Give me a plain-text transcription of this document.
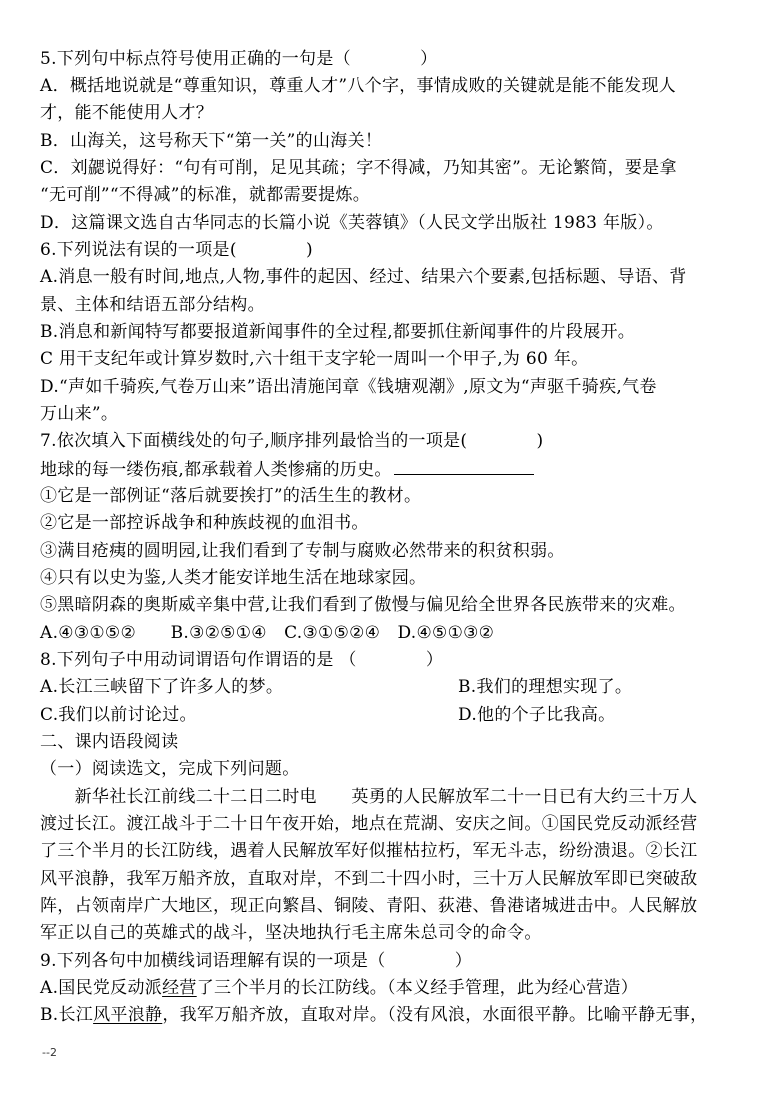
5.下列句中标点符号使用正确的一句是（　　　　）
A．概括地说就是“尊重知识，尊重人才”八个字，事情成败的关键就是能不能发现人
才，能不能使用人才？
B．山海关，这号称天下“第一关”的山海关！
C．刘勰说得好：“句有可削，足见其疏；字不得减，乃知其密”。无论繁简，要是拿
“无可削”“不得减”的标准，就都需要提炼。
D．这篇课文选自古华同志的长篇小说《芙蓉镇》（人民文学出版社 1983 年版）。
6.下列说法有误的一项是(　　　　)
A.消息一般有时间,地点,人物,事件的起因、经过、结果六个要素,包括标题、导语、背
景、主体和结语五部分结构。
B.消息和新闻特写都要报道新闻事件的全过程,都要抓住新闻事件的片段展开。
C 用干支纪年或计算岁数时,六十组干支字轮一周叫一个甲子,为 60 年。
D.“声如千骑疾,气卷万山来”语出清施闰章《钱塘观潮》,原文为“声驱千骑疾,气卷
万山来”。
7.依次填入下面横线处的句子,顺序排列最恰当的一项是(　　　　)
地球的每一缕伤痕,都承载着人类惨痛的历史。
①它是一部例证“落后就要挨打”的活生生的教材。
②它是一部控诉战争和种族歧视的血泪书。
③满目疮痍的圆明园,让我们看到了专制与腐败必然带来的积贫积弱。
④只有以史为鉴,人类才能安详地生活在地球家园。
⑤黑暗阴森的奥斯威辛集中营,让我们看到了傲慢与偏见给全世界各民族带来的灾难。
A.④③①⑤②　　B.③②⑤①④　C.③①⑤②④　D.④⑤①③②
8.下列句子中用动词谓语句作谓语的是 （　　　　）
A.长江三峡留下了许多人的梦。	B.我们的理想实现了。
C.我们以前讨论过。	D.他的个子比我高。
二、课内语段阅读
（一）阅读选文，完成下列问题。
　　新华社长江前线二十二日二时电　　英勇的人民解放军二十一日已有大约三十万人
渡过长江。渡江战斗于二十日午夜开始，地点在荒湖、安庆之间。①国民党反动派经营
了三个半月的长江防线，遇着人民解放军好似摧枯拉朽，军无斗志，纷纷溃退。②长江
风平浪静，我军万船齐放，直取对岸，不到二十四小时，三十万人民解放军即已突破敌
阵，占领南岸广大地区，现正向繁昌、铜陵、青阳、荻港、鲁港诸城进击中。人民解放
军正以自己的英雄式的战斗，坚决地执行毛主席朱总司令的命令。
9.下列各句中加横线词语理解有误的一项是（　　　　）
A.国民党反动派经营了三个半月的长江防线。（本义经手管理，此为经心营造）
B.长江风平浪静，我军万船齐放，直取对岸。（没有风浪，水面很平静。比喻平静无事，
--2
